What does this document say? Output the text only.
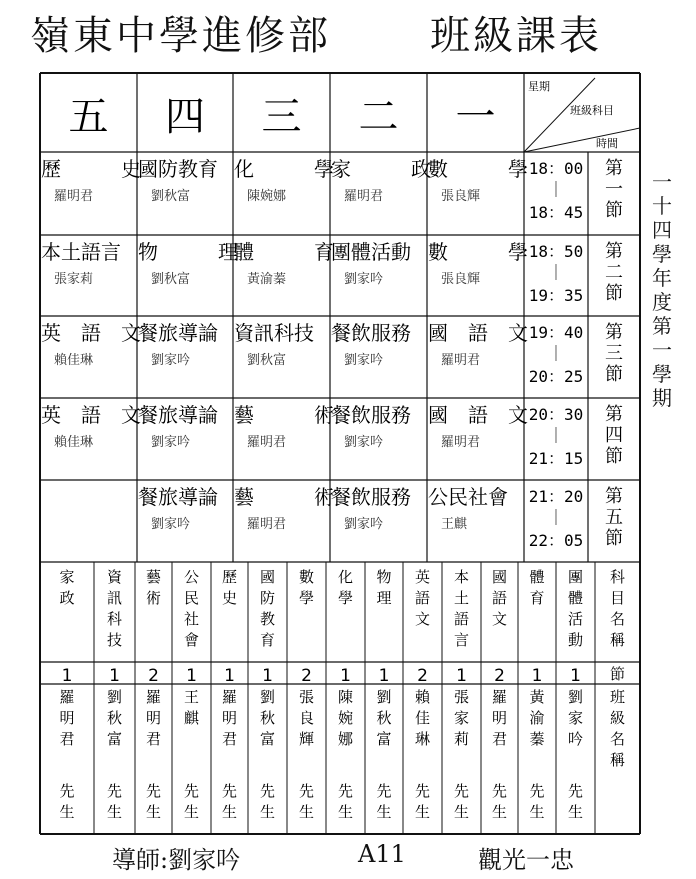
嶺東中學進修部 班級課表
星期
班級科目
時間
五 四 三 二 一
歷　　　史
羅明君
國防教育
劉秋富
化　　　學
陳婉娜
家　　　政
羅明君
數　　　學
張良輝
18：00
｜
18：45
第
一
節
本土語言
張家莉
物　　　理
劉秋富
體　　　育
黃渝蓁
團體活動
劉家吟
數　　　學
張良輝
18：50
｜
19：35
第
二
節
英　語　文
賴佳琳
餐旅導論
劉家吟
資訊科技
劉秋富
餐飲服務
劉家吟
國　語　文
羅明君
19：40
｜
20：25
第
三
節
英　語　文
賴佳琳
餐旅導論
劉家吟
藝　　　術
羅明君
餐飲服務
劉家吟
國　語　文
羅明君
20：30
｜
21：15
第
四
節
餐旅導論
劉家吟
藝　　　術
羅明君
餐飲服務
劉家吟
公民社會
王麒
21：20
｜
22：05
第
五
節
家
政
1
羅
明
君
先
生
資
訊
科
技
1
劉
秋
富
先
生
藝
術
2
羅
明
君
先
生
公
民
社
會
1
王
麒
先
生
歷
史
1
羅
明
君
先
生
國
防
教
育
1
劉
秋
富
先
生
數
學
2
張
良
輝
先
生
化
學
1
陳
婉
娜
先
生
物
理
1
劉
秋
富
先
生
英
語
文
2
賴
佳
琳
先
生
本
土
語
言
1
張
家
莉
先
生
國
語
文
2
羅
明
君
先
生
體
育
1
黃
渝
蓁
先
生
團
體
活
動
1
劉
家
吟
先
生
科
目
名
稱
節
班
級
名
稱
一
十
四
學
年
度
第
一
學
期
導師:劉家吟	A11	觀光一忠
